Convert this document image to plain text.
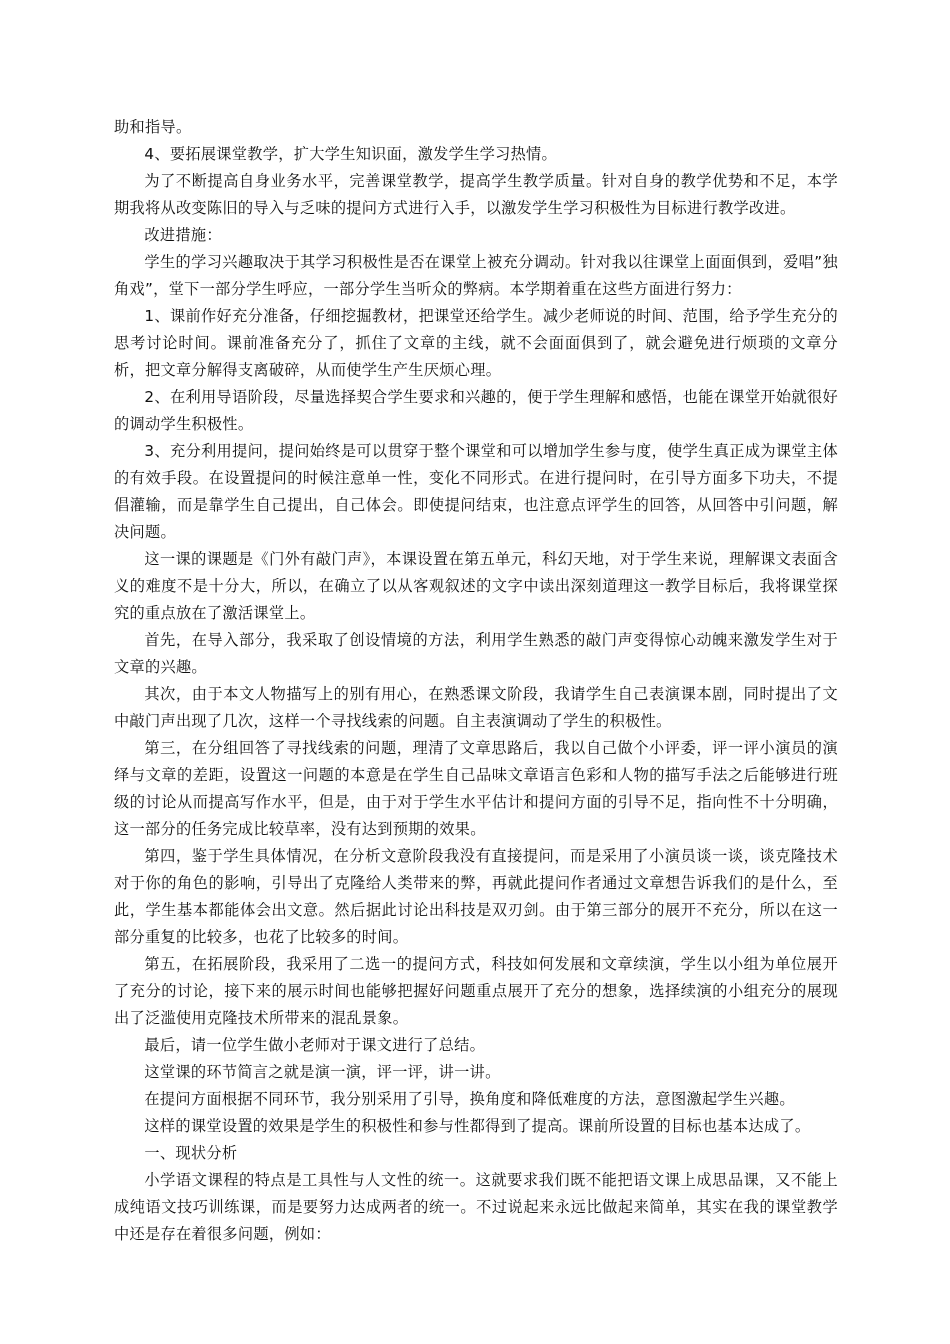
助和指导。

4、要拓展课堂教学，扩大学生知识面，激发学生学习热情。

为了不断提高自身业务水平，完善课堂教学，提高学生教学质量。针对自身的教学优势和不足，本学期我将从改变陈旧的导入与乏味的提问方式进行入手，以激发学生学习积极性为目标进行教学改进。

改进措施：

学生的学习兴趣取决于其学习积极性是否在课堂上被充分调动。针对我以往课堂上面面俱到，爱唱”独角戏”，堂下一部分学生呼应，一部分学生当听众的弊病。本学期着重在这些方面进行努力：

1、课前作好充分准备，仔细挖掘教材，把课堂还给学生。减少老师说的时间、范围，给予学生充分的思考讨论时间。课前准备充分了，抓住了文章的主线，就不会面面俱到了，就会避免进行烦琐的文章分析，把文章分解得支离破碎，从而使学生产生厌烦心理。

2、在利用导语阶段，尽量选择契合学生要求和兴趣的，便于学生理解和感悟，也能在课堂开始就很好的调动学生积极性。

3、充分利用提问，提问始终是可以贯穿于整个课堂和可以增加学生参与度，使学生真正成为课堂主体的有效手段。在设置提问的时候注意单一性，变化不同形式。在进行提问时，在引导方面多下功夫，不提倡灌输，而是靠学生自己提出，自己体会。即使提问结束，也注意点评学生的回答，从回答中引问题，解决问题。

这一课的课题是《门外有敲门声》，本课设置在第五单元，科幻天地，对于学生来说，理解课文表面含义的难度不是十分大，所以，在确立了以从客观叙述的文字中读出深刻道理这一教学目标后，我将课堂探究的重点放在了激活课堂上。

首先，在导入部分，我采取了创设情境的方法，利用学生熟悉的敲门声变得惊心动魄来激发学生对于文章的兴趣。

其次，由于本文人物描写上的别有用心，在熟悉课文阶段，我请学生自己表演课本剧，同时提出了文中敲门声出现了几次，这样一个寻找线索的问题。自主表演调动了学生的积极性。

第三，在分组回答了寻找线索的问题，理清了文章思路后，我以自己做个小评委，评一评小演员的演绎与文章的差距，设置这一问题的本意是在学生自己品味文章语言色彩和人物的描写手法之后能够进行班级的讨论从而提高写作水平，但是，由于对于学生水平估计和提问方面的引导不足，指向性不十分明确，这一部分的任务完成比较草率，没有达到预期的效果。

第四，鉴于学生具体情况，在分析文意阶段我没有直接提问，而是采用了小演员谈一谈，谈克隆技术对于你的角色的影响，引导出了克隆给人类带来的弊，再就此提问作者通过文章想告诉我们的是什么，至此，学生基本都能体会出文意。然后据此讨论出科技是双刃剑。由于第三部分的展开不充分，所以在这一部分重复的比较多，也花了比较多的时间。

第五，在拓展阶段，我采用了二选一的提问方式，科技如何发展和文章续演，学生以小组为单位展开了充分的讨论，接下来的展示时间也能够把握好问题重点展开了充分的想象，选择续演的小组充分的展现出了泛滥使用克隆技术所带来的混乱景象。

最后，请一位学生做小老师对于课文进行了总结。

这堂课的环节简言之就是演一演，评一评，讲一讲。

在提问方面根据不同环节，我分别采用了引导，换角度和降低难度的方法，意图激起学生兴趣。

这样的课堂设置的效果是学生的积极性和参与性都得到了提高。课前所设置的目标也基本达成了。

一、现状分析

小学语文课程的特点是工具性与人文性的统一。这就要求我们既不能把语文课上成思品课，又不能上成纯语文技巧训练课，而是要努力达成两者的统一。不过说起来永远比做起来简单，其实在我的课堂教学中还是存在着很多问题，例如：
